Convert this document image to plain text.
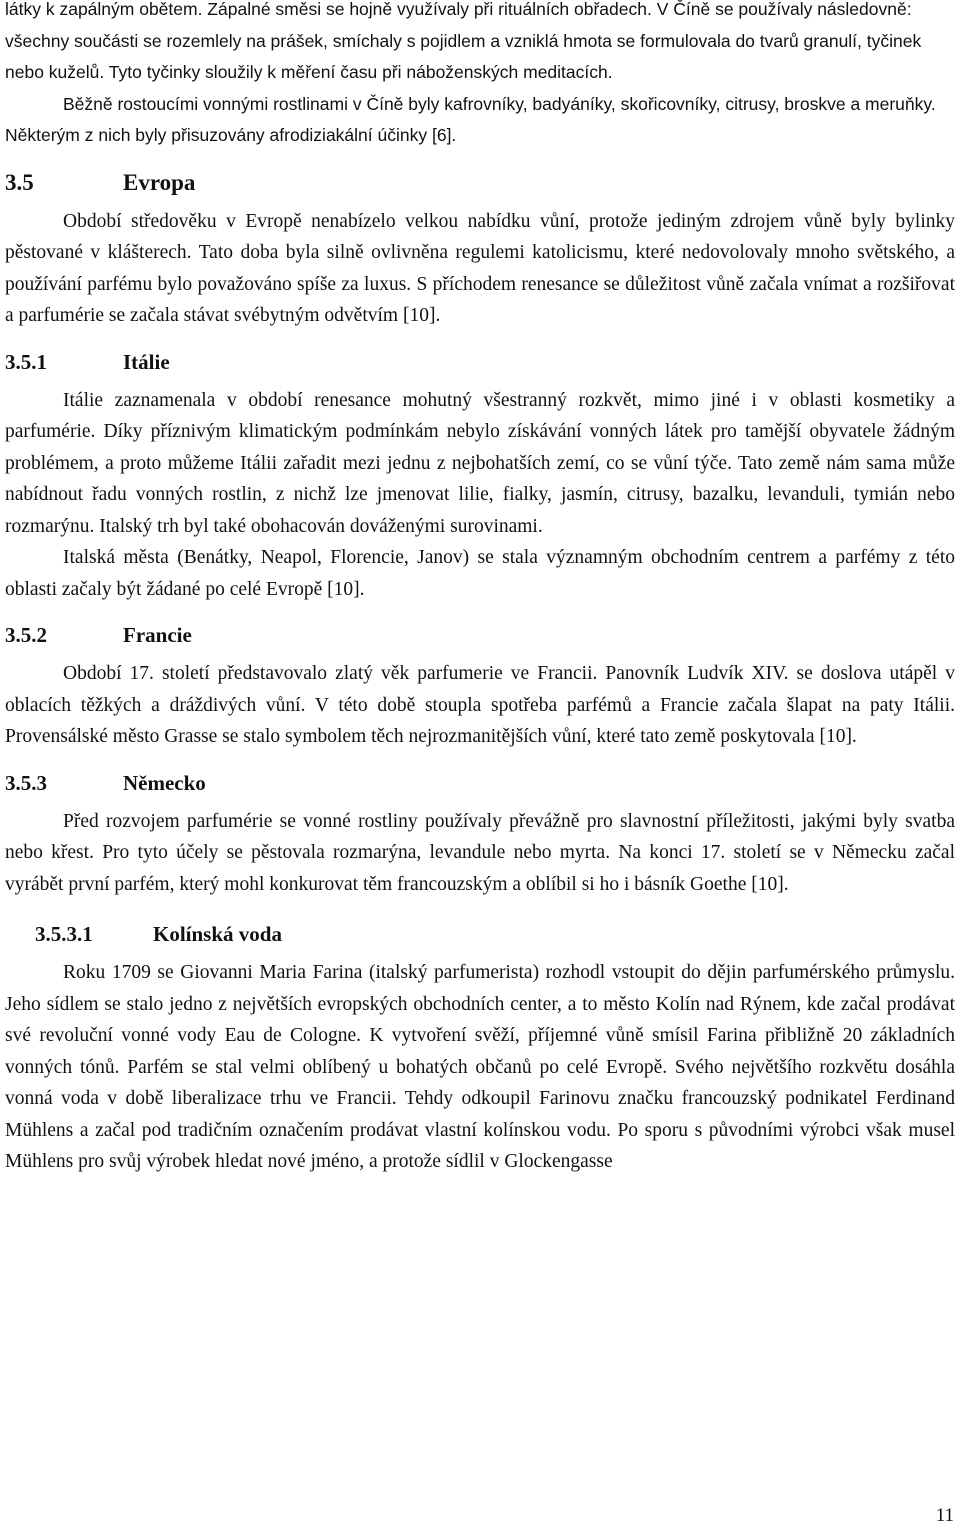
látky k zapálným obětem. Zápalné směsi se hojně využívaly při rituálních obřadech. V Číně se používaly následovně: všechny součásti se rozemlely na prášek, smíchaly s pojidlem a vzniklá hmota se formulovala do tvarů granulí, tyčinek nebo kuželů. Tyto tyčinky sloužily k měření času při náboženských meditacích.

Běžně rostoucími vonnými rostlinami v Číně byly kafrovníky, badyáníky, skořicovníky, citrusy, broskve a meruňky. Některým z nich byly přisuzovány afrodiziakální účinky [6].

3.5	Evropa

Období středověku v Evropě nenabízelo velkou nabídku vůní, protože jediným zdrojem vůně byly bylinky pěstované v klášterech. Tato doba byla silně ovlivněna regulemi katolicismu, které nedovolovaly mnoho světského, a používání parfému bylo považováno spíše za luxus. S příchodem renesance se důležitost vůně začala vnímat a rozšiřovat a parfumérie se začala stávat svébytným odvětvím [10].

3.5.1	Itálie

Itálie zaznamenala v období renesance mohutný všestranný rozkvět, mimo jiné i v oblasti kosmetiky a parfumérie. Díky příznivým klimatickým podmínkám nebylo získávání vonných látek pro tamější obyvatele žádným problémem, a proto můžeme Itálii zařadit mezi jednu z nejbohatších zemí, co se vůní týče. Tato země nám sama může nabídnout řadu vonných rostlin, z nichž lze jmenovat lilie, fialky, jasmín, citrusy, bazalku, levanduli, tymián nebo rozmarýnu. Italský trh byl také obohacován dováženými surovinami.

Italská města (Benátky, Neapol, Florencie, Janov) se stala významným obchodním centrem a parfémy z této oblasti začaly být žádané po celé Evropě [10].

3.5.2	Francie

Období 17. století představovalo zlatý věk parfumerie ve Francii. Panovník Ludvík XIV. se doslova utápěl v oblacích těžkých a dráždivých vůní. V této době stoupla spotřeba parfémů a Francie začala šlapat na paty Itálii. Provensálské město Grasse se stalo symbolem těch nejrozmanitějších vůní, které tato země poskytovala [10].

3.5.3	Německo

Před rozvojem parfumérie se vonné rostliny používaly převážně pro slavnostní příležitosti, jakými byly svatba nebo křest. Pro tyto účely se pěstovala rozmarýna, levandule nebo myrta. Na konci 17. století se v Německu začal vyrábět první parfém, který mohl konkurovat těm francouzským a oblíbil si ho i básník Goethe [10].

3.5.3.1	Kolínská voda

Roku 1709 se Giovanni Maria Farina (italský parfumerista) rozhodl vstoupit do dějin parfumérského průmyslu. Jeho sídlem se stalo jedno z největších evropských obchodních center, a to město Kolín nad Rýnem, kde začal prodávat své revoluční vonné vody Eau de Cologne. K vytvoření svěží, příjemné vůně smísil Farina přibližně 20 základních vonných tónů. Parfém se stal velmi oblíbený u bohatých občanů po celé Evropě. Svého největšího rozkvětu dosáhla vonná voda v době liberalizace trhu ve Francii. Tehdy odkoupil Farinovu značku francouzský podnikatel Ferdinand Mühlens a začal pod tradičním označením prodávat vlastní kolínskou vodu. Po sporu s původními výrobci však musel Mühlens pro svůj výrobek hledat nové jméno, a protože sídlil v Glockengasse

11
